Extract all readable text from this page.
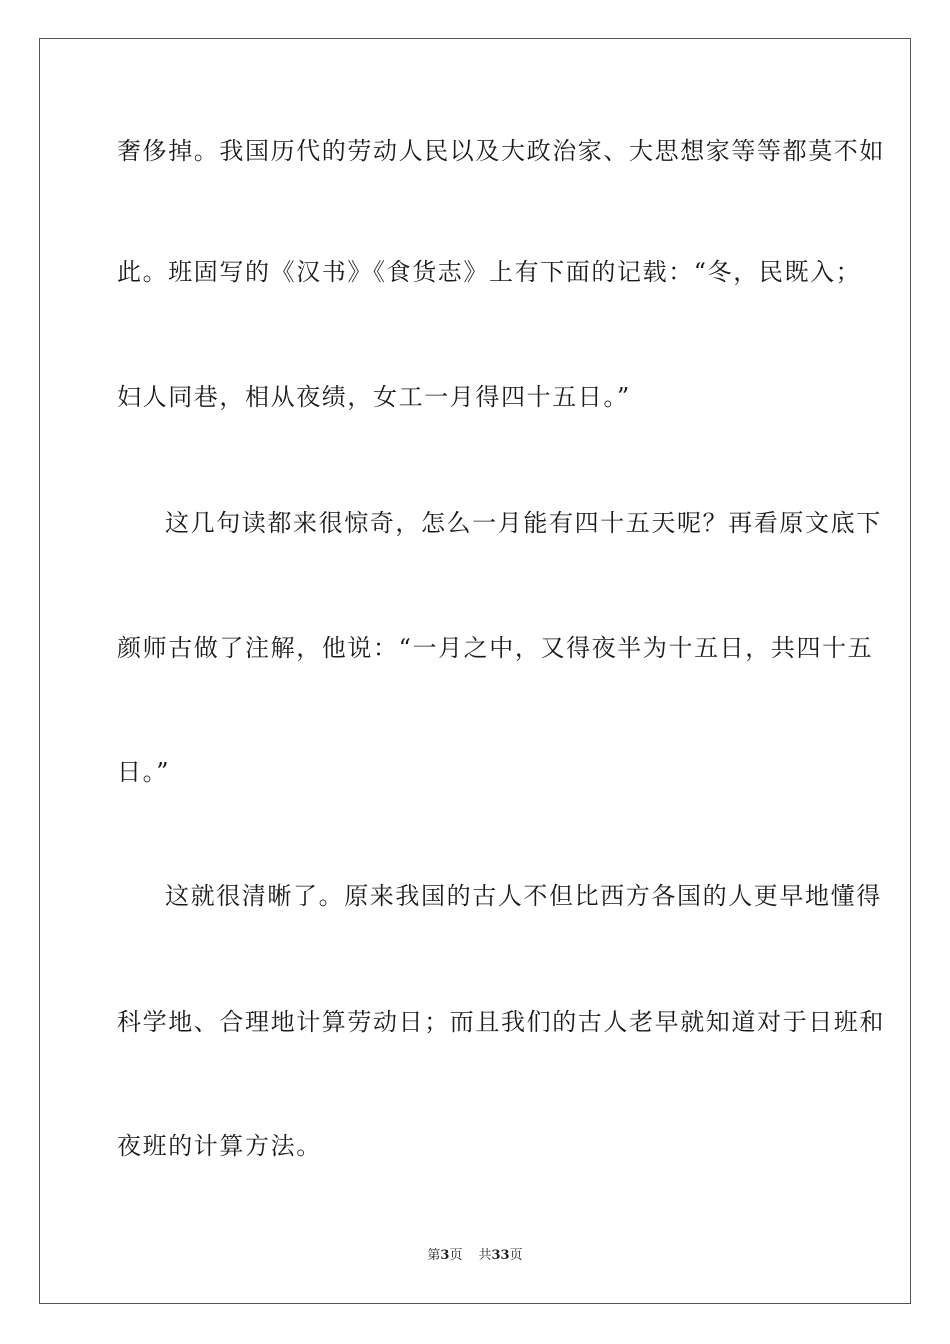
奢侈掉。我国历代的劳动人民以及大政治家、大思想家等等都莫不如
此。班固写的《汉书》《食货志》上有下面的记载：“冬，民既入；
妇人同巷，相从夜绩，女工一月得四十五日。”
这几句读都来很惊奇，怎么一月能有四十五天呢？再看原文底下
颜师古做了注解，他说：“一月之中，又得夜半为十五日，共四十五
日。”
这就很清晰了。原来我国的古人不但比西方各国的人更早地懂得
科学地、合理地计算劳动日；而且我们的古人老早就知道对于日班和
夜班的计算方法。
第3页 共33页
